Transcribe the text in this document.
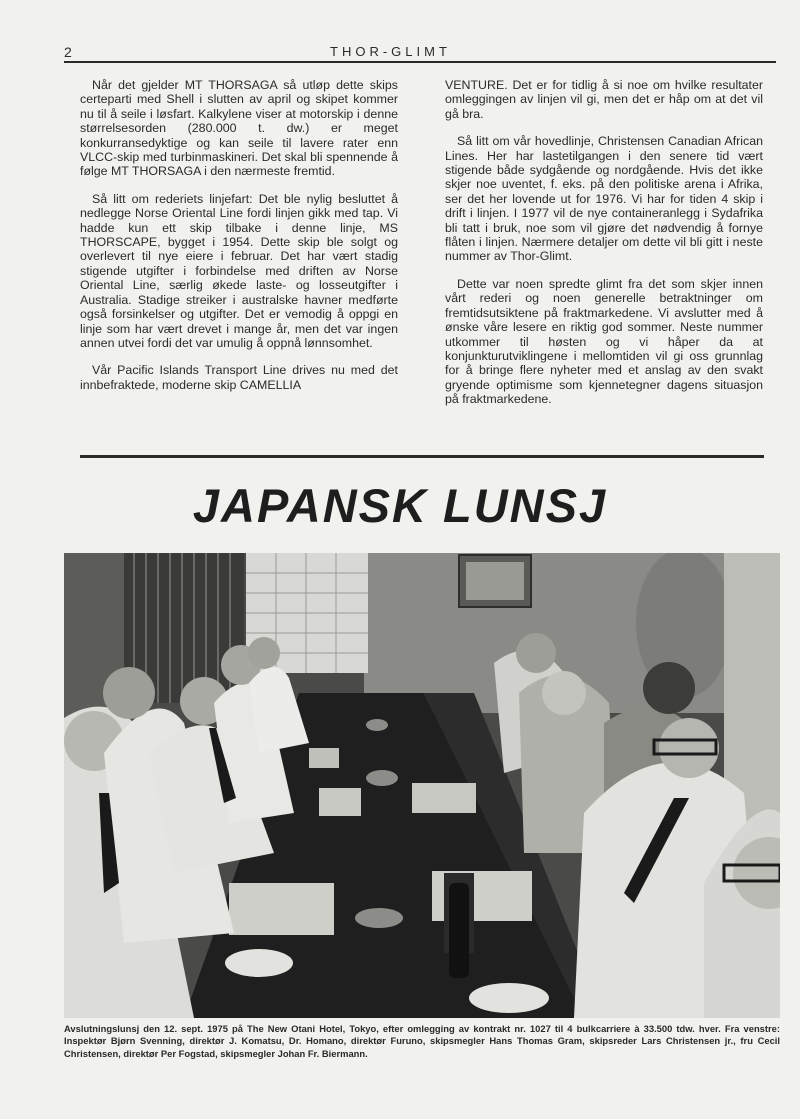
2	THOR-GLIMT

Når det gjelder MT THORSAGA så utløp dette skips certeparti med Shell i slutten av april og skipet kommer nu til å seile i løsfart. Kalkylene viser at motorskip i denne størrelsesorden (280.000 t. dw.) er meget konkurransedyktige og kan seile til lavere rater enn VLCC-skip med turbinmaskineri. Det skal bli spennende å følge MT THORSAGA i den nærmeste fremtid.

Så litt om rederiets linjefart: Det ble nylig besluttet å nedlegge Norse Oriental Line fordi linjen gikk med tap. Vi hadde kun ett skip tilbake i denne linje, MS THORSCAPE, bygget i 1954. Dette skip ble solgt og overlevert til nye eiere i februar. Det har vært stadig stigende utgifter i forbindelse med driften av Norse Oriental Line, særlig økede laste- og losseutgifter i Australia. Stadige streiker i australske havner medførte også forsinkelser og utgifter. Det er vemodig å oppgi en linje som har vært drevet i mange år, men det var ingen annen utvei fordi det var umulig å oppnå lønnsomhet.

Vår Pacific Islands Transport Line drives nu med det innbefraktede, moderne skip CAMELLIA

VENTURE. Det er for tidlig å si noe om hvilke resultater omleggingen av linjen vil gi, men det er håp om at det vil gå bra.

Så litt om vår hovedlinje, Christensen Canadian African Lines. Her har lastetilgangen i den senere tid vært stigende både sydgående og nordgående. Hvis det ikke skjer noe uventet, f. eks. på den politiske arena i Afrika, ser det her lovende ut for 1976. Vi har for tiden 4 skip i drift i linjen. I 1977 vil de nye containeranlegg i Sydafrika bli tatt i bruk, noe som vil gjøre det nødvendig å fornye flåten i linjen. Nærmere detaljer om dette vil bli gitt i neste nummer av Thor-Glimt.

Dette var noen spredte glimt fra det som skjer innen vårt rederi og noen generelle betraktninger om fremtidsutsiktene på fraktmarkedene. Vi avslutter med å ønske våre lesere en riktig god sommer. Neste nummer utkommer til høsten og vi håper da at konjunkturutviklingene i mellomtiden vil gi oss grunnlag for å bringe flere nyheter med et anslag av den svakt gryende optimisme som kjennetegner dagens situasjon på fraktmarkedene.

JAPANSK LUNSJ
Avslutningslunsj den 12. sept. 1975 på The New Otani Hotel, Tokyo, efter omlegging av kontrakt nr. 1027 til 4 bulkcarriere à 33.500 tdw. hver. Fra venstre: Inspektør Bjørn Svenning, direktør J. Komatsu, Dr. Homano, direktør Furuno, skipsmegler Hans Thomas Gram, skipsreder Lars Christensen jr., fru Cecil Christensen, direktør Per Fogstad, skipsmegler Johan Fr. Biermann.
